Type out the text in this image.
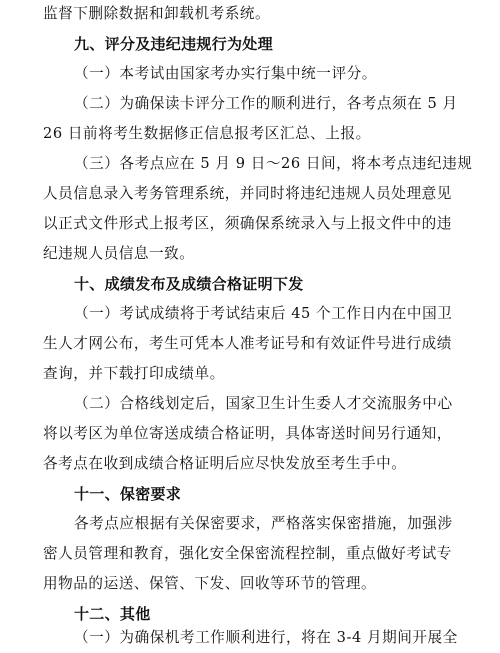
监督下删除数据和卸载机考系统。
九、评分及违纪违规行为处理
（一）本考试由国家考办实行集中统一评分。
（二）为确保读卡评分工作的顺利进行，各考点须在 5 月
26 日前将考生数据修正信息报考区汇总、上报。
（三）各考点应在 5 月 9 日～26 日间，将本考点违纪违规
人员信息录入考务管理系统，并同时将违纪违规人员处理意见
以正式文件形式上报考区，须确保系统录入与上报文件中的违
纪违规人员信息一致。
十、成绩发布及成绩合格证明下发
（一）考试成绩将于考试结束后 45 个工作日内在中国卫
生人才网公布，考生可凭本人准考证号和有效证件号进行成绩
查询，并下载打印成绩单。
（二）合格线划定后，国家卫生计生委人才交流服务中心
将以考区为单位寄送成绩合格证明，具体寄送时间另行通知，
各考点在收到成绩合格证明后应尽快发放至考生手中。
十一、保密要求
各考点应根据有关保密要求，严格落实保密措施，加强涉
密人员管理和教育，强化安全保密流程控制，重点做好考试专
用物品的运送、保管、下发、回收等环节的管理。
十二、其他
（一）为确保机考工作顺利进行，将在 3-4 月期间开展全
